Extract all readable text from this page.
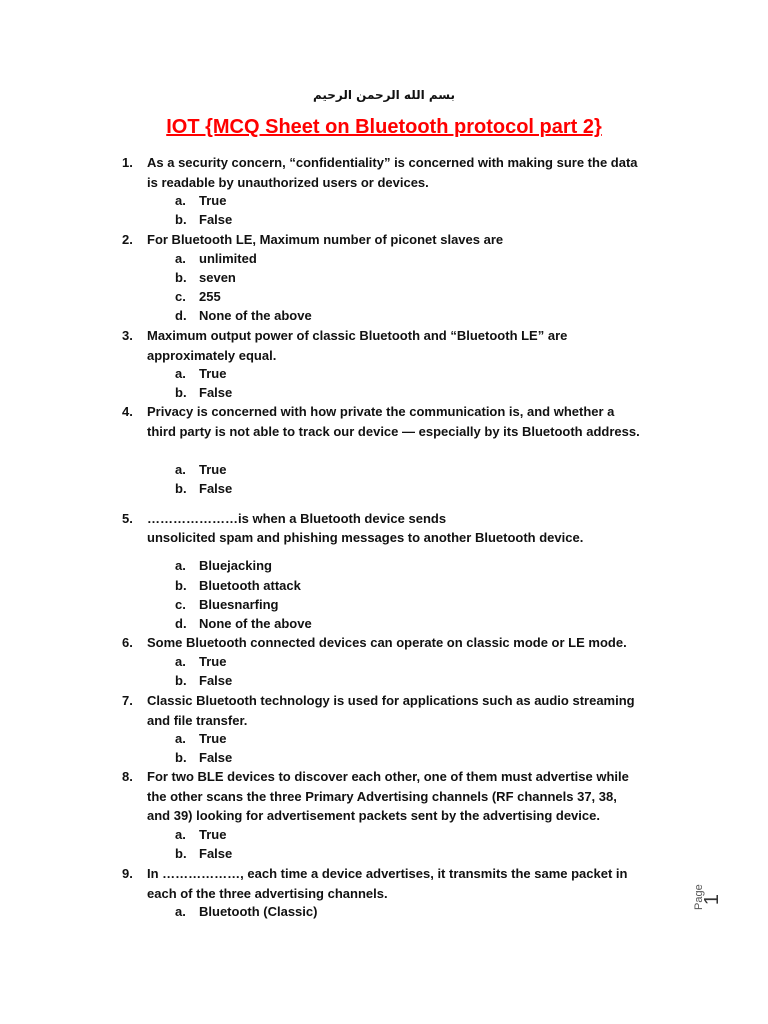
بسم الله الرحمن الرحيم
IOT {MCQ Sheet on Bluetooth protocol part 2}
1. As a security concern, “confidentiality” is concerned with making sure the data is readable by unauthorized users or devices.
a. True
b. False
2. For Bluetooth LE, Maximum number of piconet slaves are
a. unlimited
b. seven
c. 255
d. None of the above
3. Maximum output power of classic Bluetooth and “Bluetooth LE” are approximately equal.
a. True
b. False
4. Privacy is concerned with how private the communication is, and whether a third party is not able to track our device — especially by its Bluetooth address.
a. True
b. False
5. …………………is when a Bluetooth device sends
unsolicited spam and phishing messages to another Bluetooth device.
a. Bluejacking
b. Bluetooth attack
c. Bluesnarfing
d. None of the above
6. Some Bluetooth connected devices can operate on classic mode or LE mode.
a. True
b. False
7. Classic Bluetooth technology is used for applications such as audio streaming and file transfer.
a. True
b. False
8. For two BLE devices to discover each other, one of them must advertise while the other scans the three Primary Advertising channels (RF channels 37, 38, and 39) looking for advertisement packets sent by the advertising device.
a. True
b. False
9. In ………………, each time a device advertises, it transmits the same packet in each of the three advertising channels.
a. Bluetooth (Classic)
Page
1
